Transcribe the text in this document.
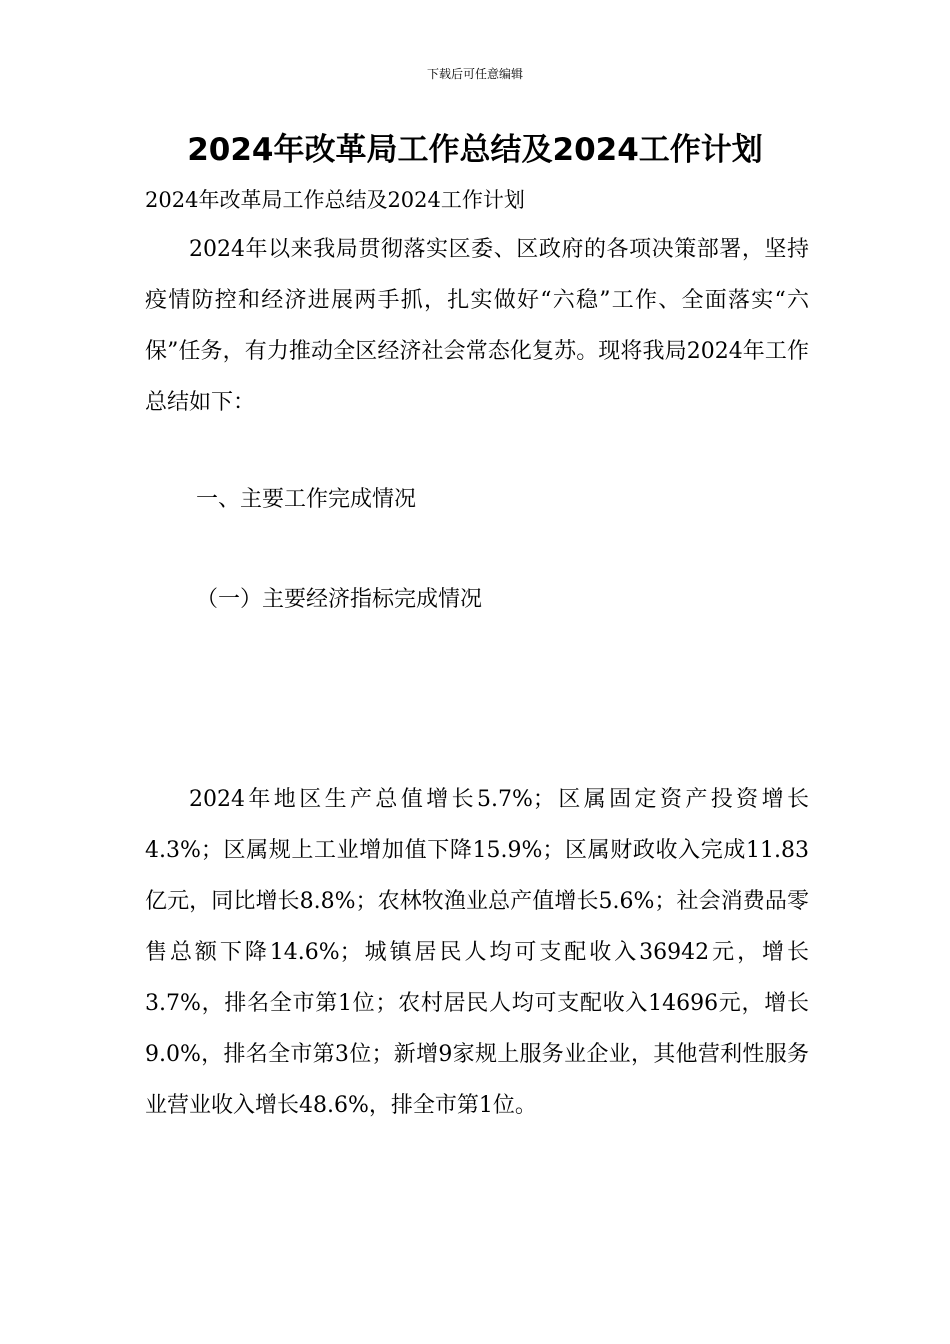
下载后可任意编辑
2024年改革局工作总结及2024工作计划
2024年改革局工作总结及2024工作计划

2024年以来我局贯彻落实区委、区政府的各项决策部署，坚持疫情防控和经济进展两手抓，扎实做好“六稳”工作、全面落实“六保”任务，有力推动全区经济社会常态化复苏。现将我局2024年工作总结如下：

一、主要工作完成情况
（一）主要经济指标完成情况

2024年地区生产总值增长5.7%；区属固定资产投资增长4.3%；区属规上工业增加值下降15.9%；区属财政收入完成11.83亿元，同比增长8.8%；农林牧渔业总产值增长5.6%；社会消费品零售总额下降14.6%；城镇居民人均可支配收入36942元，增长3.7%，排名全市第1位；农村居民人均可支配收入14696元，增长9.0%，排名全市第3位；新增9家规上服务业企业，其他营利性服务业营业收入增长48.6%，排全市第1位。
